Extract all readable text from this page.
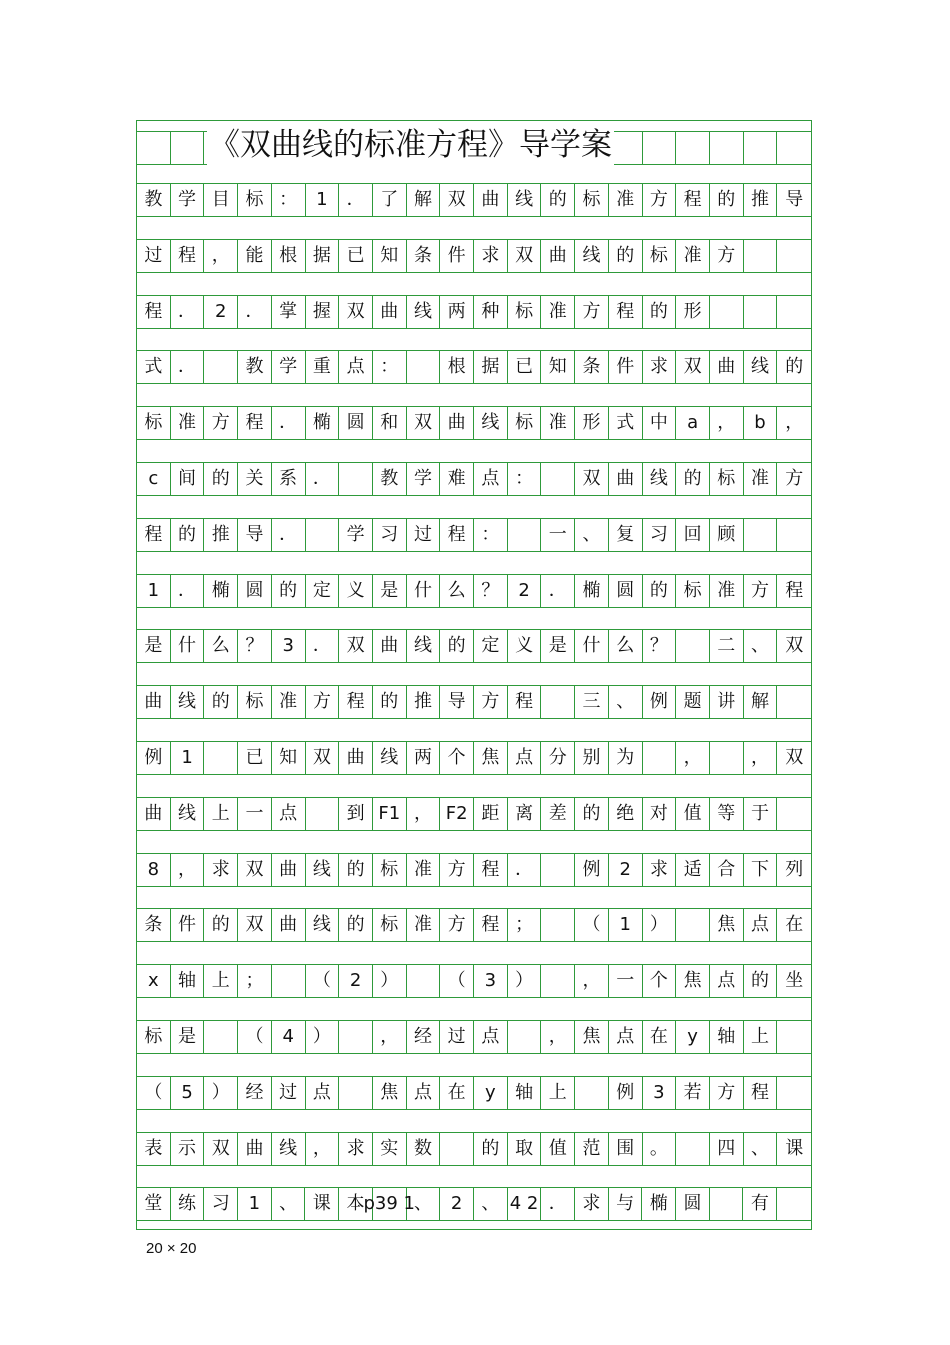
《双曲线的标准方程》导学案
教 学 目 标 ：	1	． 了 解 双 曲 线 的 标 准 方 程 的 推 导
过 程 ， 能 根 据 已 知 条 件 求 双 曲 线 的 标 准 方
程 ．	2	． 掌 握 双 曲 线 两 种 标 准 方 程 的 形
式 ．	教 学 重 点 ：	根 据 已 知 条 件 求 双 曲 线 的
标 准 方 程 ． 椭 圆 和 双 曲 线 标 准 形 式 中	a	，	b	，
c	间 的 关 系 ．	教 学 难 点 ：	双 曲 线 的 标 准 方
程 的 推 导 ．	学 习 过 程 ：	一 、 复 习 回 顾
1	． 椭 圆 的 定 义 是 什 么 ？	2	． 椭 圆 的 标 准 方 程
是 什 么 ？	3	． 双 曲 线 的 定 义 是 什 么 ？	二 、 双
曲 线 的 标 准 方 程 的 推 导 方 程	三 、 例 题 讲 解
例	1	已 知 双 曲 线 两 个 焦 点 分 别 为	，	， 双
曲 线 上 一 点	到 F1 ， F2 距 离 差 的 绝 对 值 等 于
8	， 求 双 曲 线 的 标 准 方 程 ．	例	2	求 适 合 下 列
条 件 的 双 曲 线 的 标 准 方 程 ；	（	1	）	焦 点 在
x	轴 上 ；	（	2	）	（	3	）	， 一 个 焦 点 的 坐
标 是	（	4	）	， 经 过 点	， 焦 点 在	y	轴 上
（	5	） 经 过 点	焦 点 在	y	轴 上	例	3	若 方 程
表 示 双 曲 线 ， 求 实 数	的 取 值 范 围 。	四 、 课
堂 练 习	1	、 课 本
p39 1
、	2	、 4 2 ． 求 与 椭 圆	有
20 × 20
